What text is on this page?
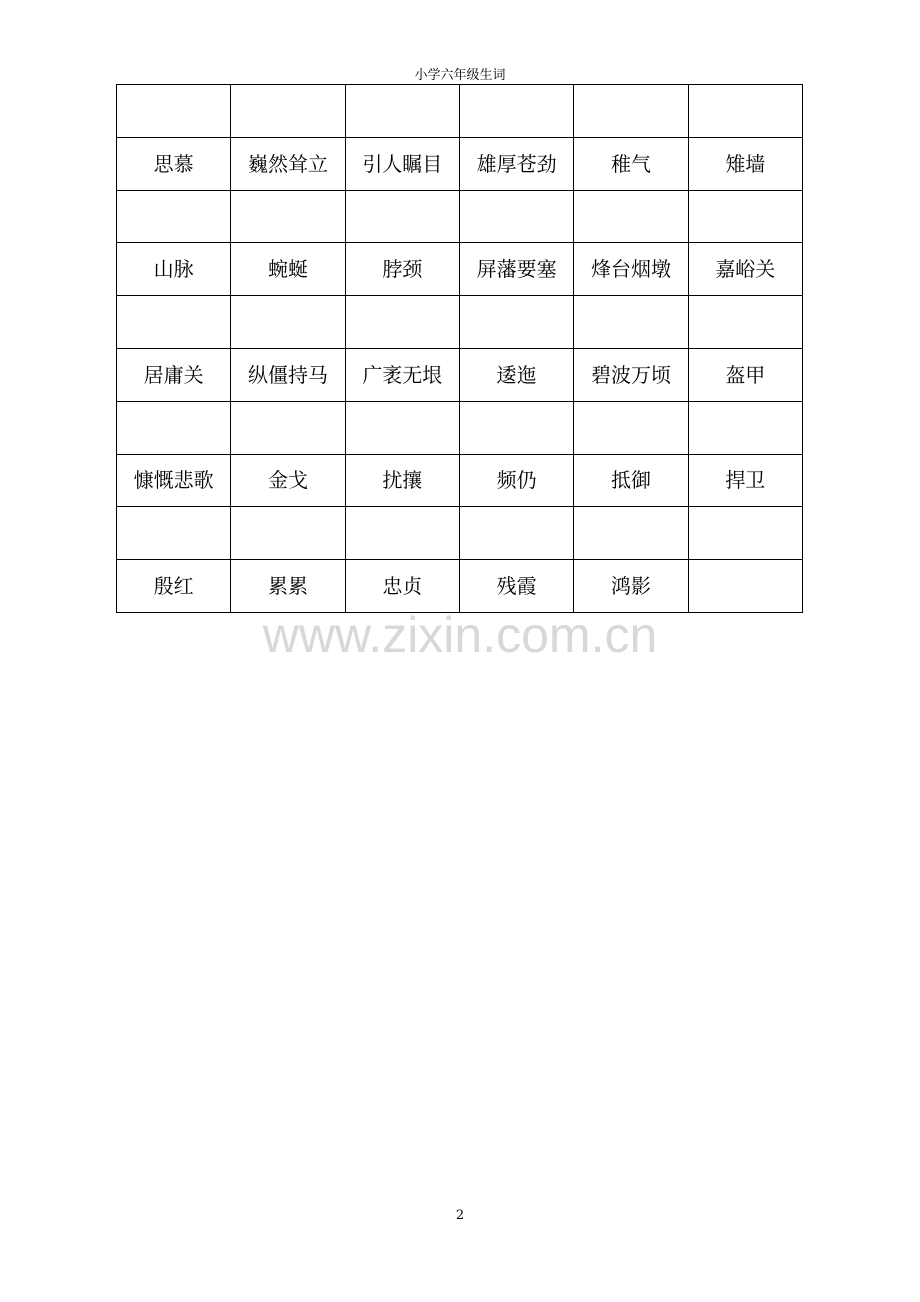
小学六年级生词

思慕	巍然耸立	引人瞩目	雄厚苍劲	稚气	雉墙

山脉	蜿蜒	脖颈	屏藩要塞	烽台烟墩	嘉峪关

居庸关	纵僵持马	广袤无垠	逶迤	碧波万顷	盔甲

慷慨悲歌	金戈	扰攘	频仍	抵御	捍卫

殷红	累累	忠贞	残霞	鸿影	
www.zixin.com.cn
2
